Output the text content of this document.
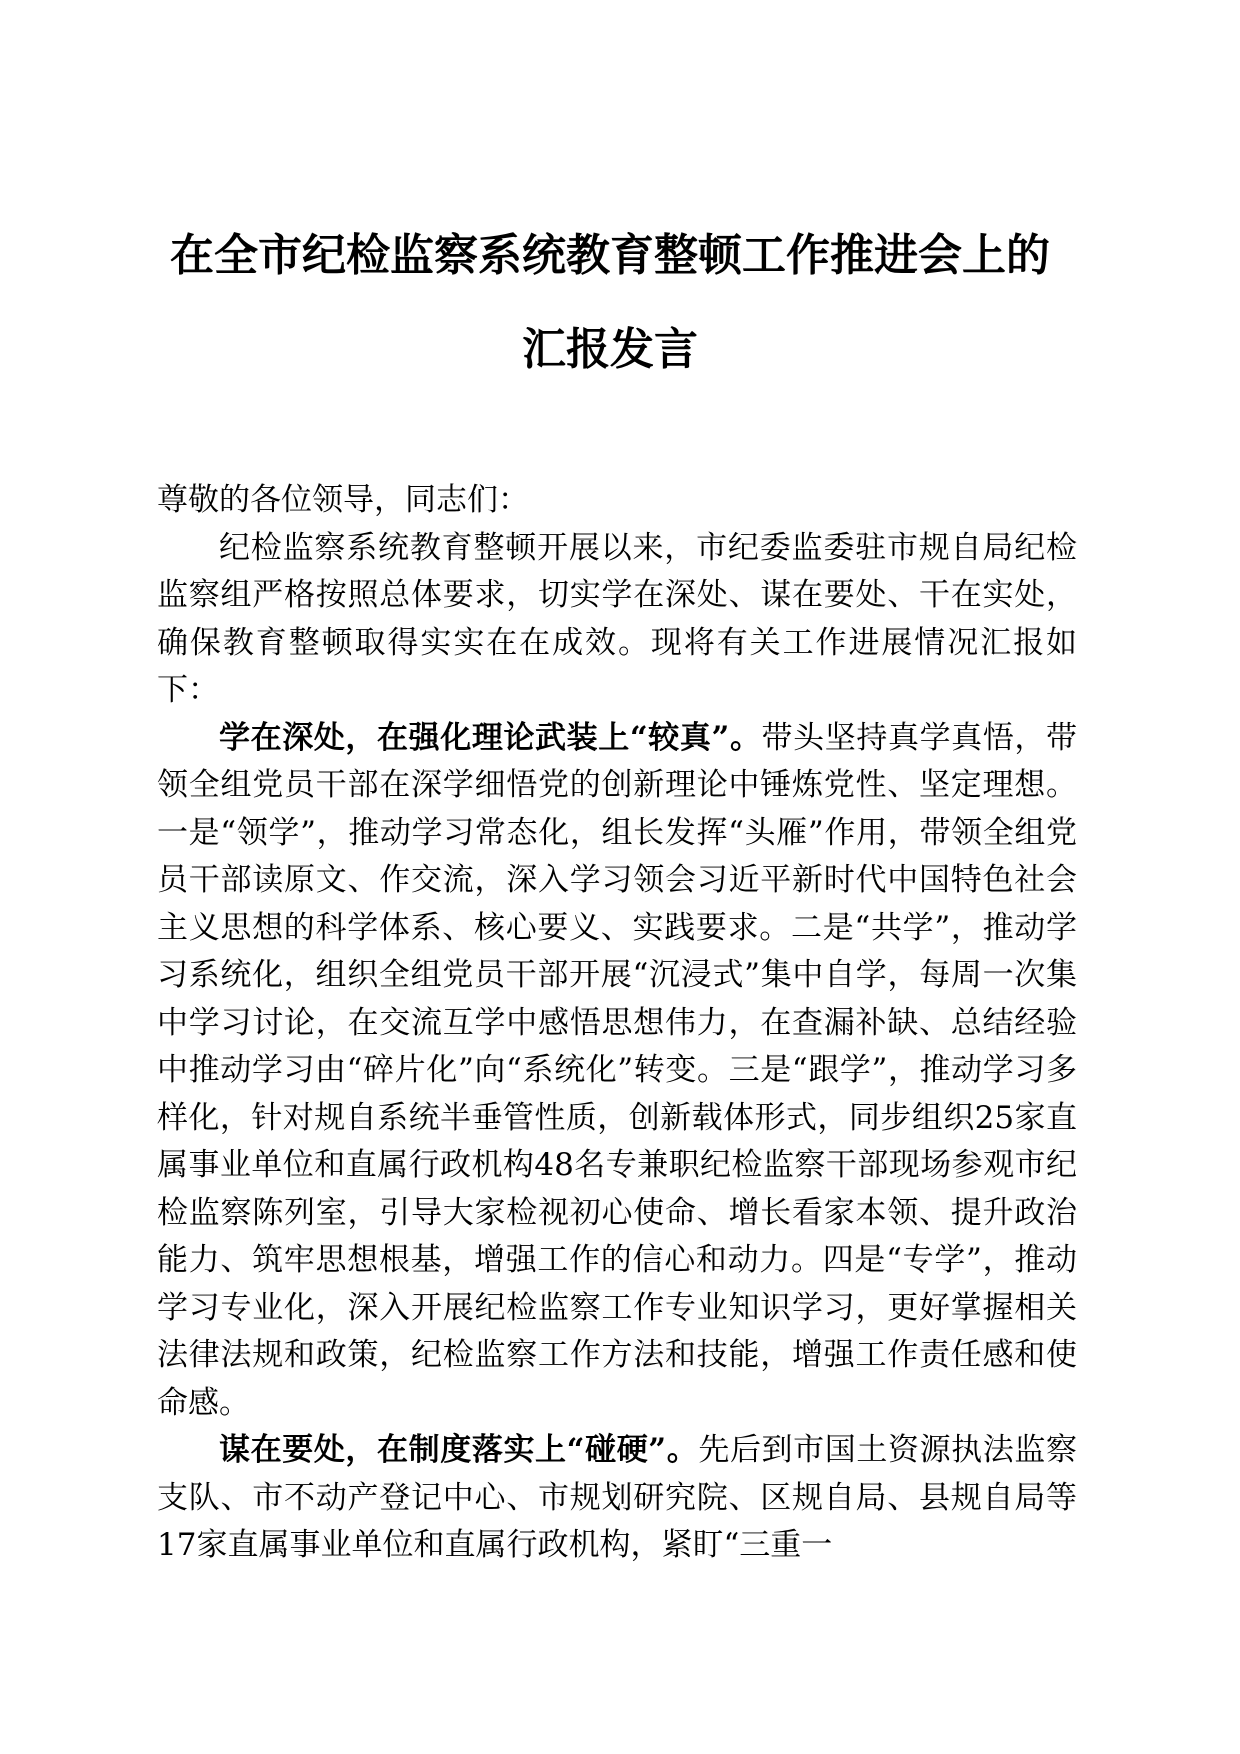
在全市纪检监察系统教育整顿工作推进会上的
汇报发言

尊敬的各位领导，同志们：

纪检监察系统教育整顿开展以来，市纪委监委驻市规自局纪检监察组严格按照总体要求，切实学在深处、谋在要处、干在实处，确保教育整顿取得实实在在成效。现将有关工作进展情况汇报如下：

学在深处，在强化理论武装上“较真”。带头坚持真学真悟，带领全组党员干部在深学细悟党的创新理论中锤炼党性、坚定理想。一是“领学”，推动学习常态化，组长发挥“头雁”作用，带领全组党员干部读原文、作交流，深入学习领会习近平新时代中国特色社会主义思想的科学体系、核心要义、实践要求。二是“共学”，推动学习系统化，组织全组党员干部开展“沉浸式”集中自学，每周一次集中学习讨论，在交流互学中感悟思想伟力，在查漏补缺、总结经验中推动学习由“碎片化”向“系统化”转变。三是“跟学”，推动学习多样化，针对规自系统半垂管性质，创新载体形式，同步组织25家直属事业单位和直属行政机构48名专兼职纪检监察干部现场参观市纪检监察陈列室，引导大家检视初心使命、增长看家本领、提升政治能力、筑牢思想根基，增强工作的信心和动力。四是“专学”，推动学习专业化，深入开展纪检监察工作专业知识学习，更好掌握相关法律法规和政策，纪检监察工作方法和技能，增强工作责任感和使命感。

谋在要处，在制度落实上“碰硬”。先后到市国土资源执法监察支队、市不动产登记中心、市规划研究院、区规自局、县规自局等17家直属事业单位和直属行政机构，紧盯“三重一
